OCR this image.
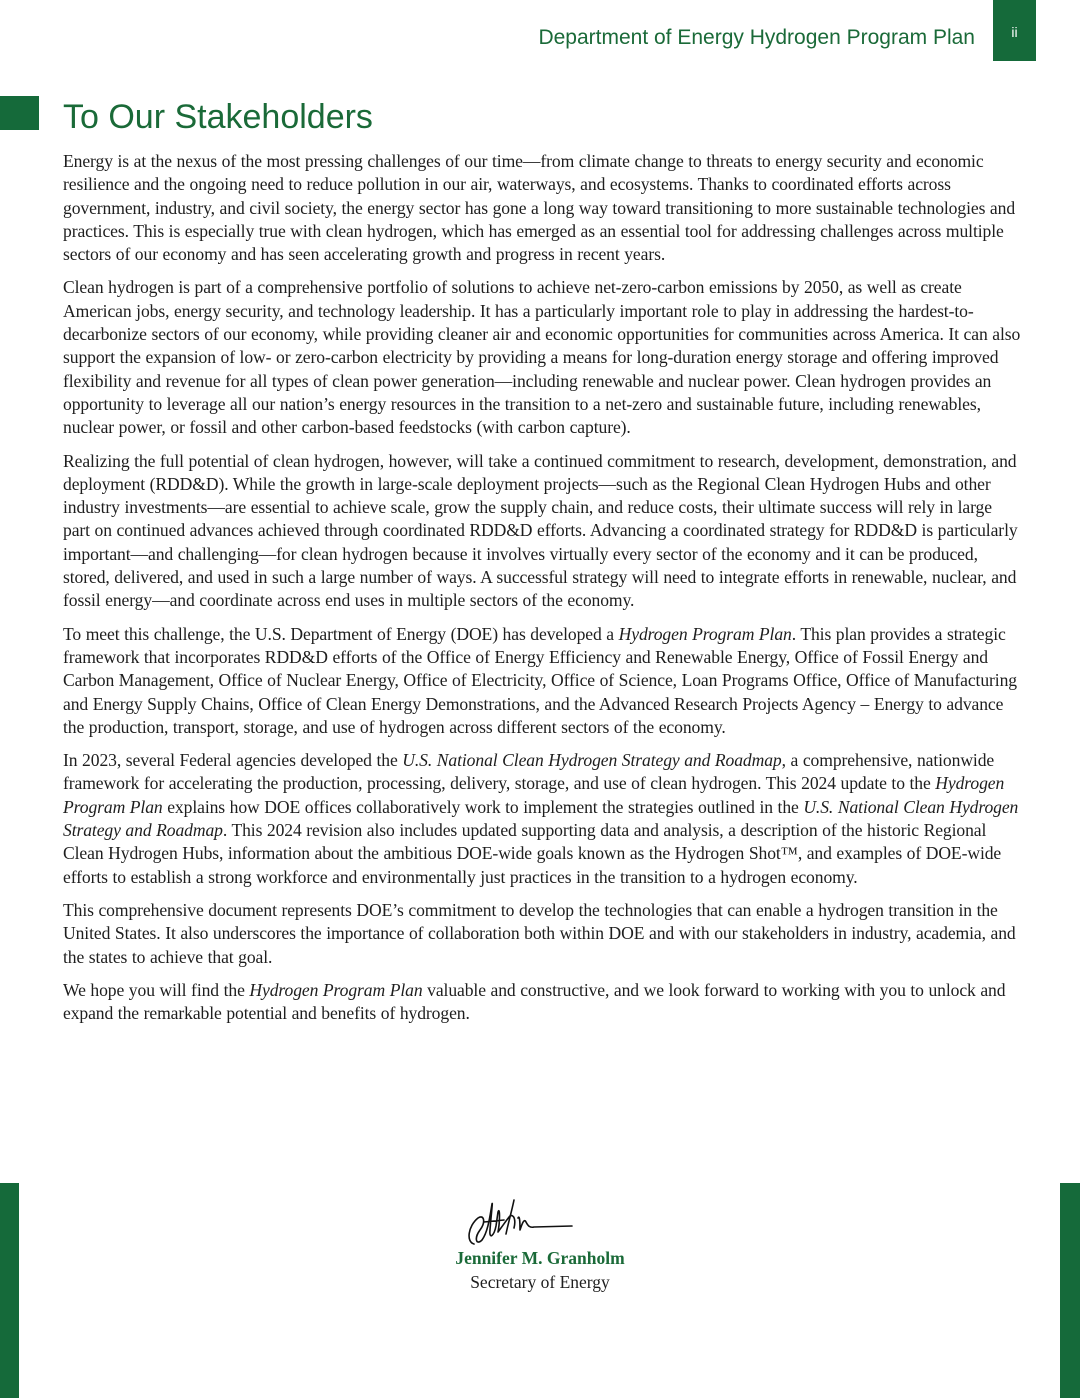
Department of Energy Hydrogen Program Plan	ii
To Our Stakeholders

Energy is at the nexus of the most pressing challenges of our time—from climate change to threats to energy security and economic resilience and the ongoing need to reduce pollution in our air, waterways, and ecosystems. Thanks to coordinated efforts across government, industry, and civil society, the energy sector has gone a long way toward transitioning to more sustainable technologies and practices. This is especially true with clean hydrogen, which has emerged as an essential tool for addressing challenges across multiple sectors of our economy and has seen accelerating growth and progress in recent years.

Clean hydrogen is part of a comprehensive portfolio of solutions to achieve net-zero-carbon emissions by 2050, as well as create American jobs, energy security, and technology leadership. It has a particularly important role to play in addressing the hardest-to-decarbonize sectors of our economy, while providing cleaner air and economic opportunities for communities across America. It can also support the expansion of low- or zero-carbon electricity by providing a means for long-duration energy storage and offering improved flexibility and revenue for all types of clean power generation—including renewable and nuclear power. Clean hydrogen provides an opportunity to leverage all our nation’s energy resources in the transition to a net-zero and sustainable future, including renewables, nuclear power, or fossil and other carbon-based feedstocks (with carbon capture).

Realizing the full potential of clean hydrogen, however, will take a continued commitment to research, development, demonstration, and deployment (RDD&D). While the growth in large-scale deployment projects—such as the Regional Clean Hydrogen Hubs and other industry investments—are essential to achieve scale, grow the supply chain, and reduce costs, their ultimate success will rely in large part on continued advances achieved through coordinated RDD&D efforts. Advancing a coordinated strategy for RDD&D is particularly important—and challenging—for clean hydrogen because it involves virtually every sector of the economy and it can be produced, stored, delivered, and used in such a large number of ways. A successful strategy will need to integrate efforts in renewable, nuclear, and fossil energy—and coordinate across end uses in multiple sectors of the economy.

To meet this challenge, the U.S. Department of Energy (DOE) has developed a Hydrogen Program Plan. This plan provides a strategic framework that incorporates RDD&D efforts of the Office of Energy Efficiency and Renewable Energy, Office of Fossil Energy and Carbon Management, Office of Nuclear Energy, Office of Electricity, Office of Science, Loan Programs Office, Office of Manufacturing and Energy Supply Chains, Office of Clean Energy Demonstrations, and the Advanced Research Projects Agency – Energy to advance the production, transport, storage, and use of hydrogen across different sectors of the economy.

In 2023, several Federal agencies developed the U.S. National Clean Hydrogen Strategy and Roadmap, a comprehensive, nationwide framework for accelerating the production, processing, delivery, storage, and use of clean hydrogen. This 2024 update to the Hydrogen Program Plan explains how DOE offices collaboratively work to implement the strategies outlined in the U.S. National Clean Hydrogen Strategy and Roadmap. This 2024 revision also includes updated supporting data and analysis, a description of the historic Regional Clean Hydrogen Hubs, information about the ambitious DOE-wide goals known as the Hydrogen Shot™, and examples of DOE-wide efforts to establish a strong workforce and environmentally just practices in the transition to a hydrogen economy.

This comprehensive document represents DOE’s commitment to develop the technologies that can enable a hydrogen transition in the United States. It also underscores the importance of collaboration both within DOE and with our stakeholders in industry, academia, and the states to achieve that goal.

We hope you will find the Hydrogen Program Plan valuable and constructive, and we look forward to working with you to unlock and expand the remarkable potential and benefits of hydrogen.

Jennifer M. Granholm
Secretary of Energy
